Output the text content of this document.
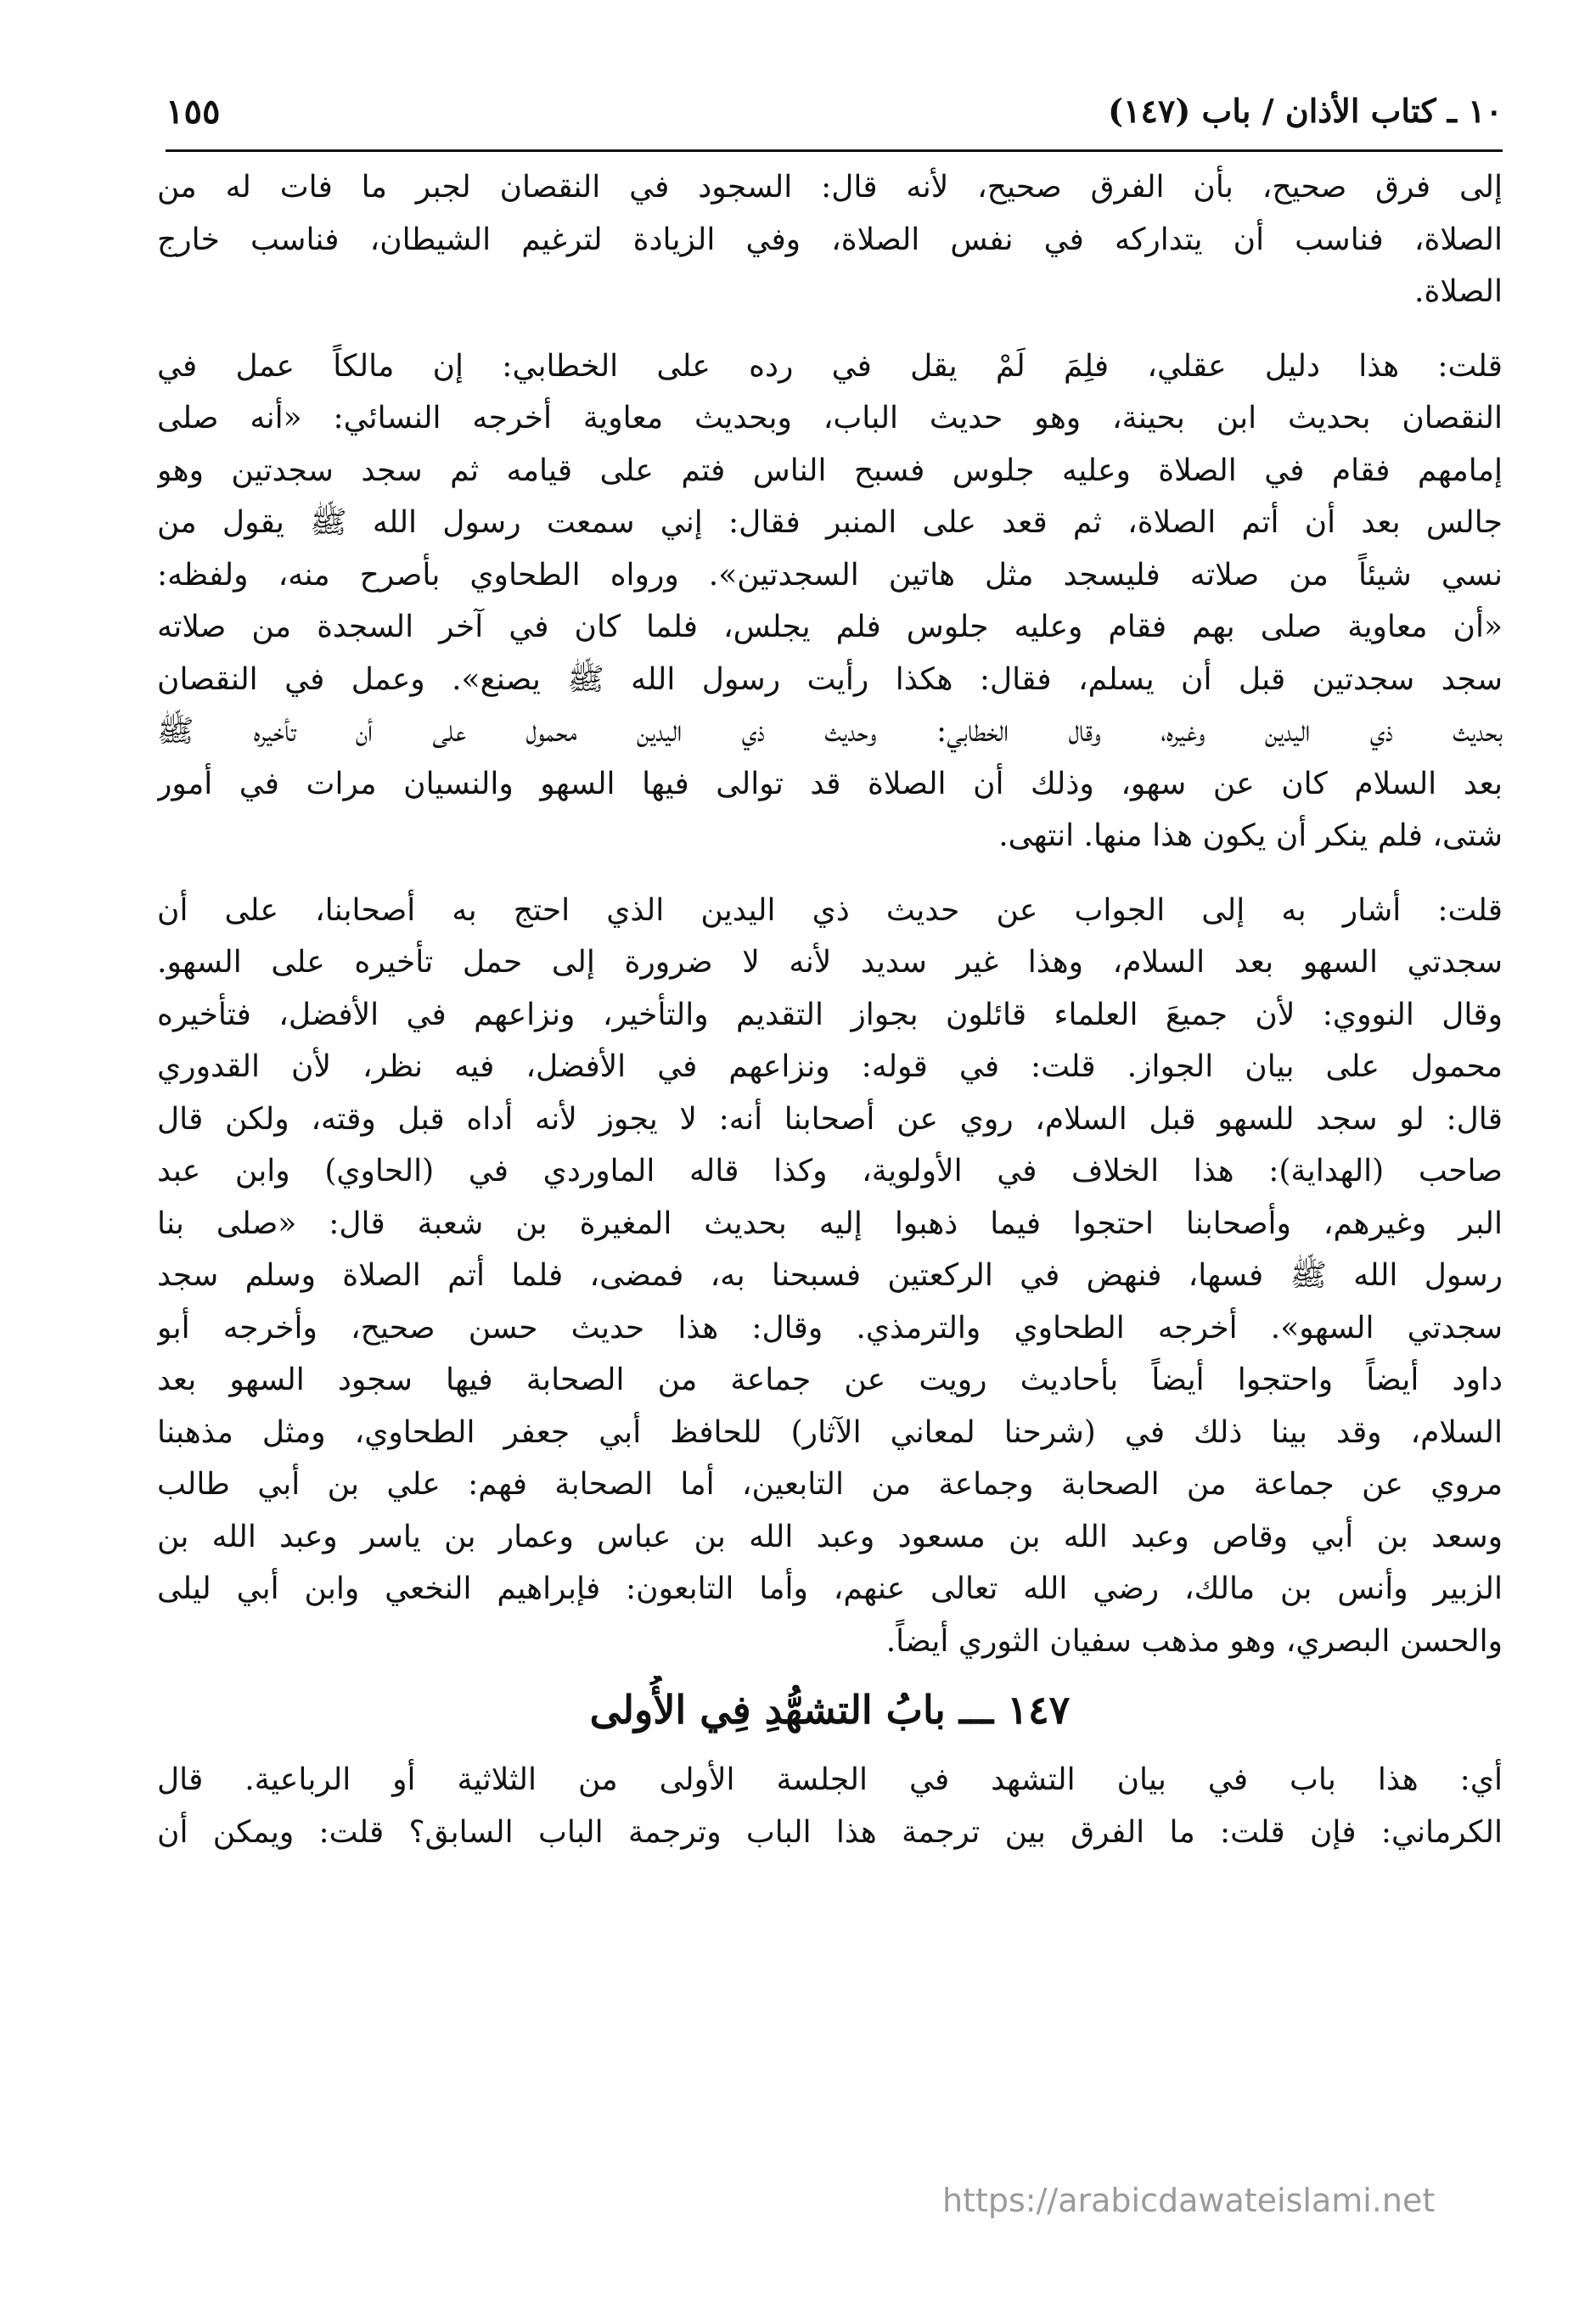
١٠ ـ كتاب الأذان / باب (١٤٧)
١٥٥
إلى فرق صحيح، بأن الفرق صحيح، لأنه قال: السجود في النقصان لجبر ما فات له من
الصلاة، فناسب أن يتداركه في نفس الصلاة، وفي الزيادة لترغيم الشيطان، فناسب خارج
الصلاة.
قلت: هذا دليل عقلي، فلِمَ لَمْ يقل في رده على الخطابي: إن مالكاً عمل في
النقصان بحديث ابن بحينة، وهو حديث الباب، وبحديث معاوية أخرجه النسائي: «أنه صلى
إمامهم فقام في الصلاة وعليه جلوس فسبح الناس فتم على قيامه ثم سجد سجدتين وهو
جالس بعد أن أتم الصلاة، ثم قعد على المنبر فقال: إني سمعت رسول الله ﷺ يقول من
نسي شيئاً من صلاته فليسجد مثل هاتين السجدتين». ورواه الطحاوي بأصرح منه، ولفظه:
«أن معاوية صلى بهم فقام وعليه جلوس فلم يجلس، فلما كان في آخر السجدة من صلاته
سجد سجدتين قبل أن يسلم، فقال: هكذا رأيت رسول الله ﷺ يصنع». وعمل في النقصان
بحديث ذي اليدين وغيره، وقال الخطابي: وحديث ذي اليدين محمول على أن تأخيره ﷺ
بعد السلام كان عن سهو، وذلك أن الصلاة قد توالى فيها السهو والنسيان مرات في أمور
شتى، فلم ينكر أن يكون هذا منها. انتهى.
قلت: أشار به إلى الجواب عن حديث ذي اليدين الذي احتج به أصحابنا، على أن
سجدتي السهو بعد السلام، وهذا غير سديد لأنه لا ضرورة إلى حمل تأخيره على السهو.
وقال النووي: لأن جميعَ العلماء قائلون بجواز التقديم والتأخير، ونزاعهم في الأفضل، فتأخيره
محمول على بيان الجواز. قلت: في قوله: ونزاعهم في الأفضل، فيه نظر، لأن القدوري
قال: لو سجد للسهو قبل السلام، روي عن أصحابنا أنه: لا يجوز لأنه أداه قبل وقته، ولكن قال
صاحب (الهداية): هذا الخلاف في الأولوية، وكذا قاله الماوردي في (الحاوي) وابن عبد
البر وغيرهم، وأصحابنا احتجوا فيما ذهبوا إليه بحديث المغيرة بن شعبة قال: «صلى بنا
رسول الله ﷺ فسها، فنهض في الركعتين فسبحنا به، فمضى، فلما أتم الصلاة وسلم سجد
سجدتي السهو». أخرجه الطحاوي والترمذي. وقال: هذا حديث حسن صحيح، وأخرجه أبو
داود أيضاً واحتجوا أيضاً بأحاديث رويت عن جماعة من الصحابة فيها سجود السهو بعد
السلام، وقد بينا ذلك في (شرحنا لمعاني الآثار) للحافظ أبي جعفر الطحاوي، ومثل مذهبنا
مروي عن جماعة من الصحابة وجماعة من التابعين، أما الصحابة فهم: علي بن أبي طالب
وسعد بن أبي وقاص وعبد الله بن مسعود وعبد الله بن عباس وعمار بن ياسر وعبد الله بن
الزبير وأنس بن مالك، رضي الله تعالى عنهم، وأما التابعون: فإبراهيم النخعي وابن أبي ليلى
والحسن البصري، وهو مذهب سفيان الثوري أيضاً.
١٤٧ ـــ بابُ التشهُّدِ فِي الأُولى
أي: هذا باب في بيان التشهد في الجلسة الأولى من الثلاثية أو الرباعية. قال
الكرماني: فإن قلت: ما الفرق بين ترجمة هذا الباب وترجمة الباب السابق؟ قلت: ويمكن أن
https://arabicdawateislami.net
